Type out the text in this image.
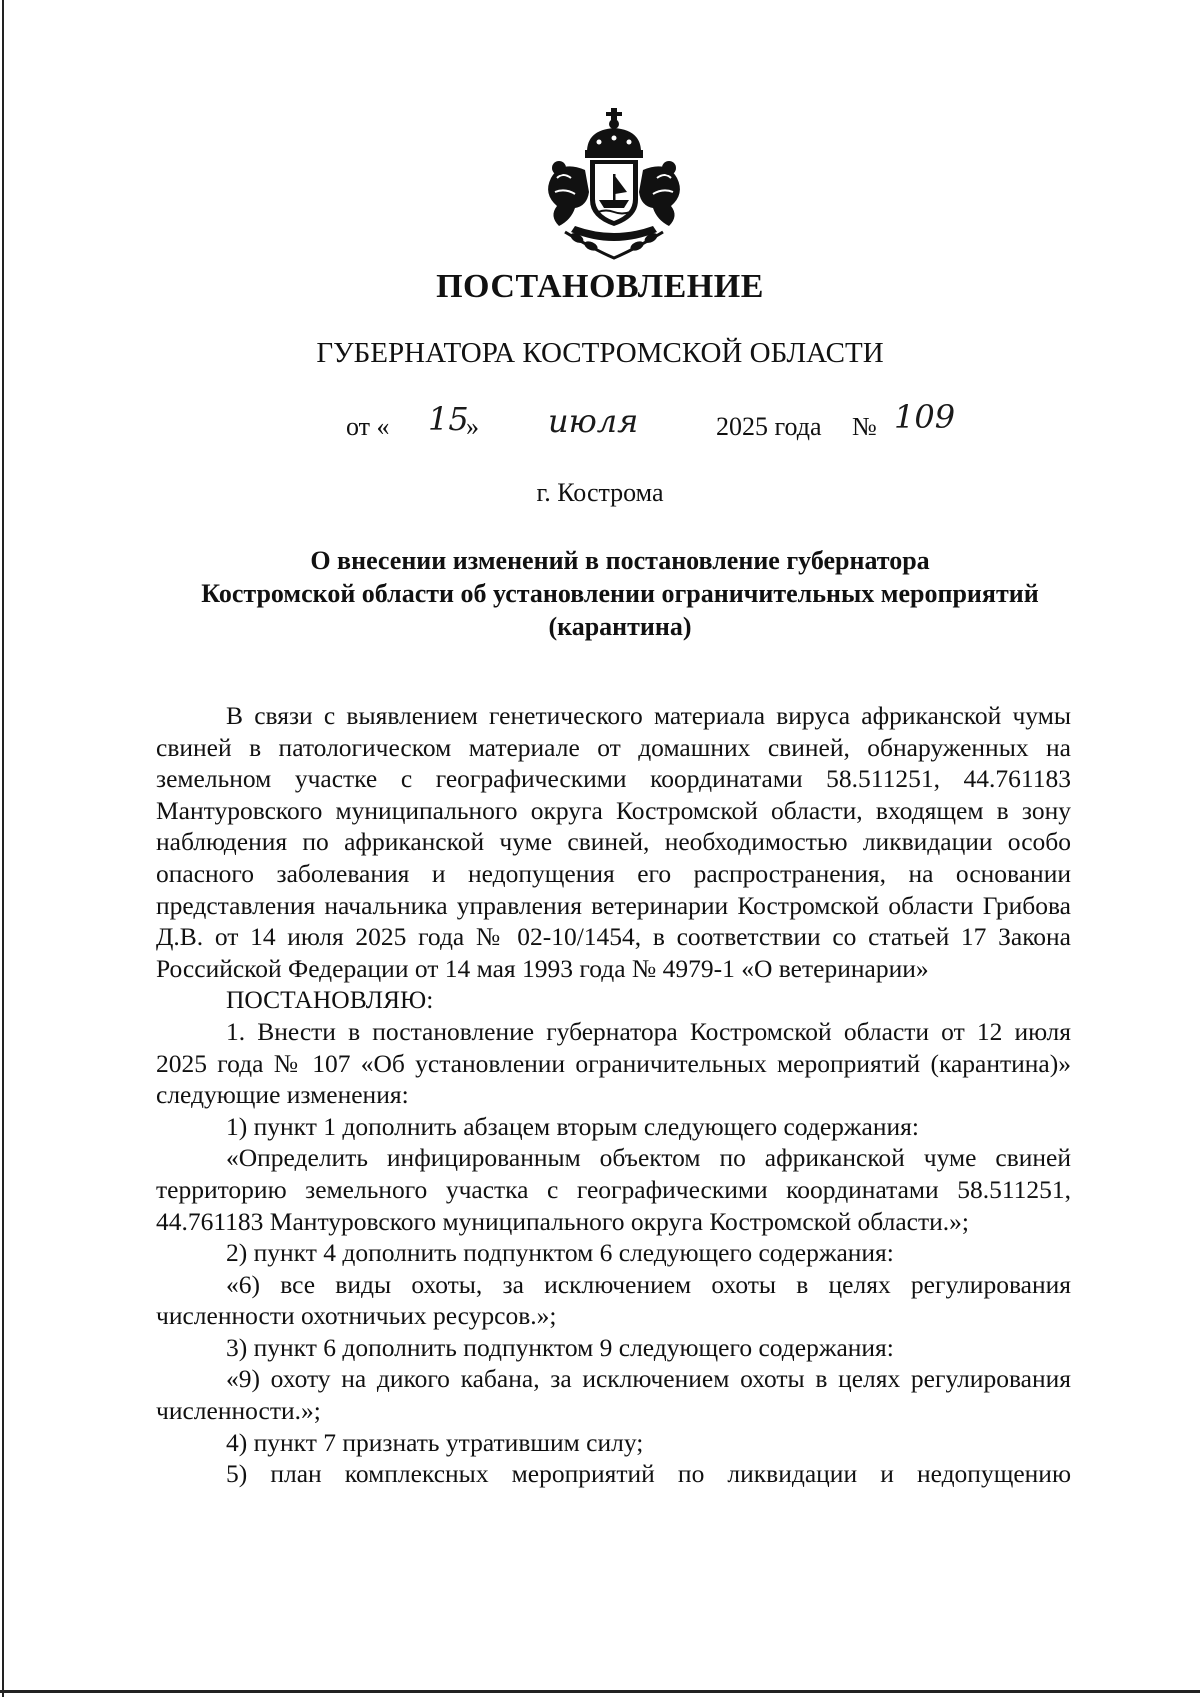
ПОСТАНОВЛЕНИЕ
ГУБЕРНАТОРА КОСТРОМСКОЙ ОБЛАСТИ
от « 15
» июля	2025 года № 109
г. Кострома
О внесении изменений в постановление губернатора
Костромской области об установлении ограничительных мероприятий
(карантина)
В связи с выявлением генетического материала вируса африканской чумы свиней в патологическом материале от домашних свиней, обнаруженных на земельном участке с географическими координатами 58.511251, 44.761183 Мантуровского муниципального округа Костромской области, входящем в зону наблюдения по африканской чуме свиней, необходимостью ликвидации особо опасного заболевания и недопущения его распространения, на основании представления начальника управления ветеринарии Костромской области Грибова Д.В. от 14 июля 2025 года № 02-10/1454, в соответствии со статьей 17 Закона Российской Федерации от 14 мая 1993 года № 4979-1 «О ветеринарии»
ПОСТАНОВЛЯЮ:
1. Внести в постановление губернатора Костромской области от 12 июля 2025 года № 107 «Об установлении ограничительных мероприятий (карантина)» следующие изменения:
1) пункт 1 дополнить абзацем вторым следующего содержания:
«Определить инфицированным объектом по африканской чуме свиней территорию земельного участка с географическими координатами 58.511251, 44.761183 Мантуровского муниципального округа Костромской области.»;
2) пункт 4 дополнить подпунктом 6 следующего содержания:
«6) все виды охоты, за исключением охоты в целях регулирования численности охотничьих ресурсов.»;
3) пункт 6 дополнить подпунктом 9 следующего содержания:
«9) охоту на дикого кабана, за исключением охоты в целях регулирования численности.»;
4) пункт 7 признать утратившим силу;
5) план комплексных мероприятий по ликвидации и недопущению
